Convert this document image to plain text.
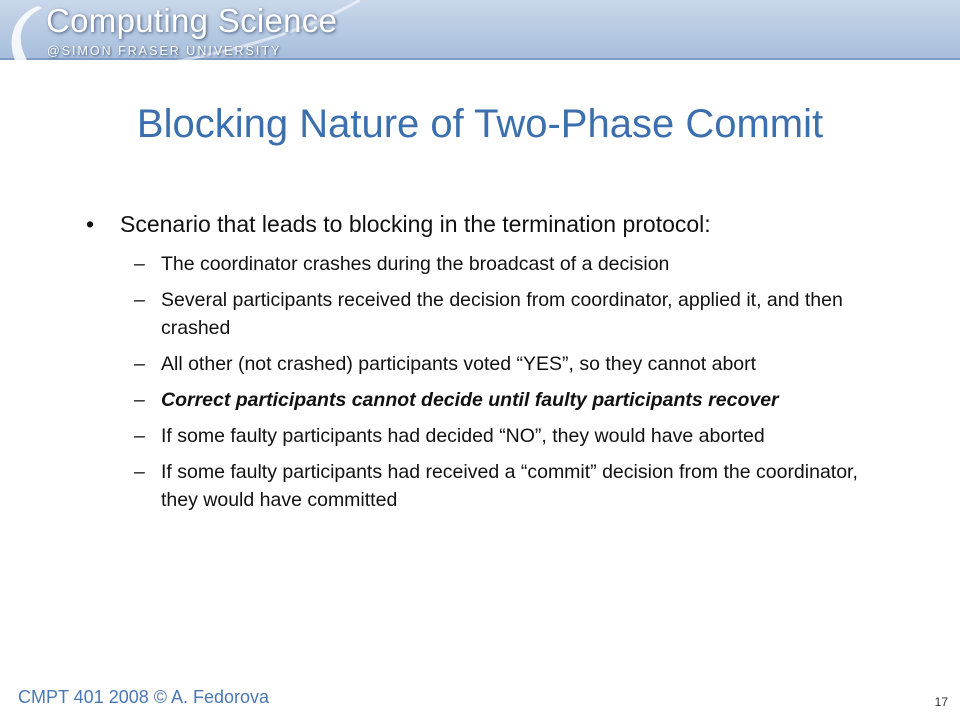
Computing Science
@SIMON FRASER UNIVERSITY
Blocking Nature of Two-Phase Commit
• Scenario that leads to blocking in the termination protocol:
– The coordinator crashes during the broadcast of a decision
– Several participants received the decision from coordinator, applied it, and then crashed
– All other (not crashed) participants voted “YES”, so they cannot abort
– Correct participants cannot decide until faulty participants recover
– If some faulty participants had decided “NO”, they would have aborted
– If some faulty participants had received a “commit” decision from the coordinator, they would have committed
CMPT 401 2008 © A. Fedorova	17
